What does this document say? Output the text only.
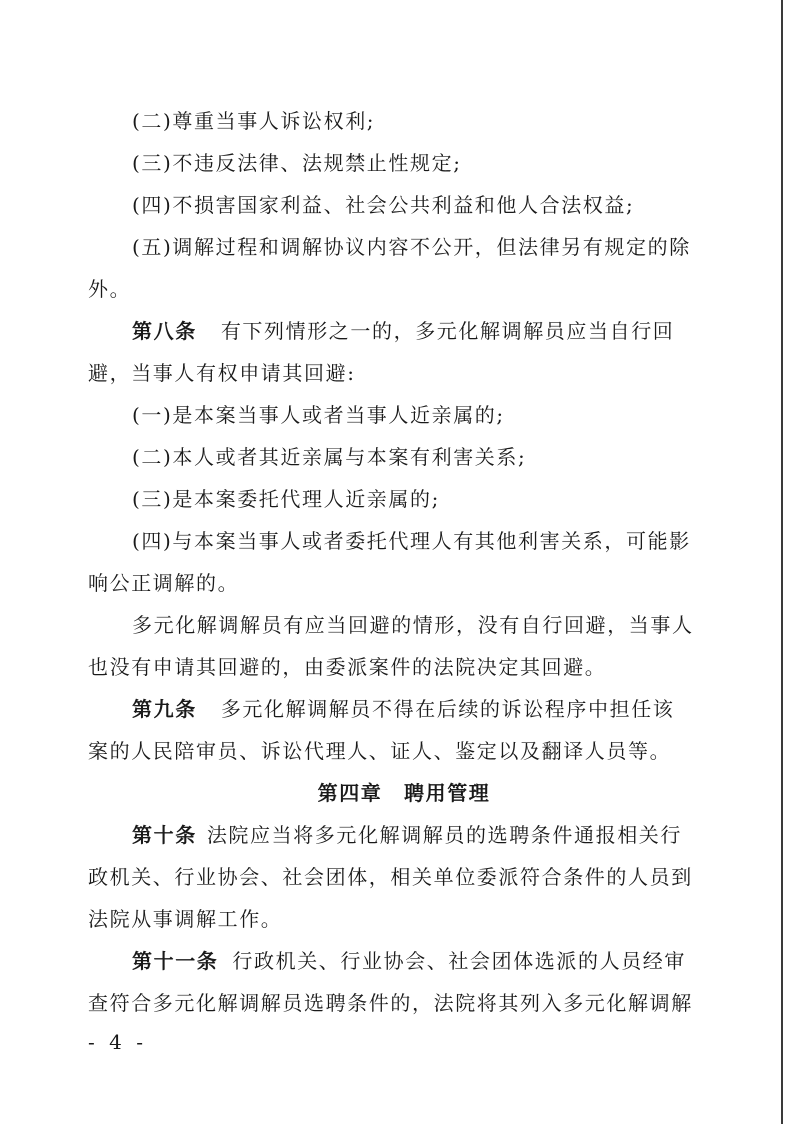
(二)尊重当事人诉讼权利;
(三)不违反法律、法规禁止性规定;
(四)不损害国家利益、社会公共利益和他人合法权益;
(五)调解过程和调解协议内容不公开，但法律另有规定的除
外。
第八条 有下列情形之一的，多元化解调解员应当自行回
避，当事人有权申请其回避:
(一)是本案当事人或者当事人近亲属的;
(二)本人或者其近亲属与本案有利害关系;
(三)是本案委托代理人近亲属的;
(四)与本案当事人或者委托代理人有其他利害关系，可能影
响公正调解的。
多元化解调解员有应当回避的情形，没有自行回避，当事人
也没有申请其回避的，由委派案件的法院决定其回避。
第九条 多元化解调解员不得在后续的诉讼程序中担任该
案的人民陪审员、诉讼代理人、证人、鉴定以及翻译人员等。
第四章　聘用管理
第十条 法院应当将多元化解调解员的选聘条件通报相关行
政机关、行业协会、社会团体，相关单位委派符合条件的人员到
法院从事调解工作。
第十一条 行政机关、行业协会、社会团体选派的人员经审
查符合多元化解调解员选聘条件的，法院将其列入多元化解调解
- 4 -
